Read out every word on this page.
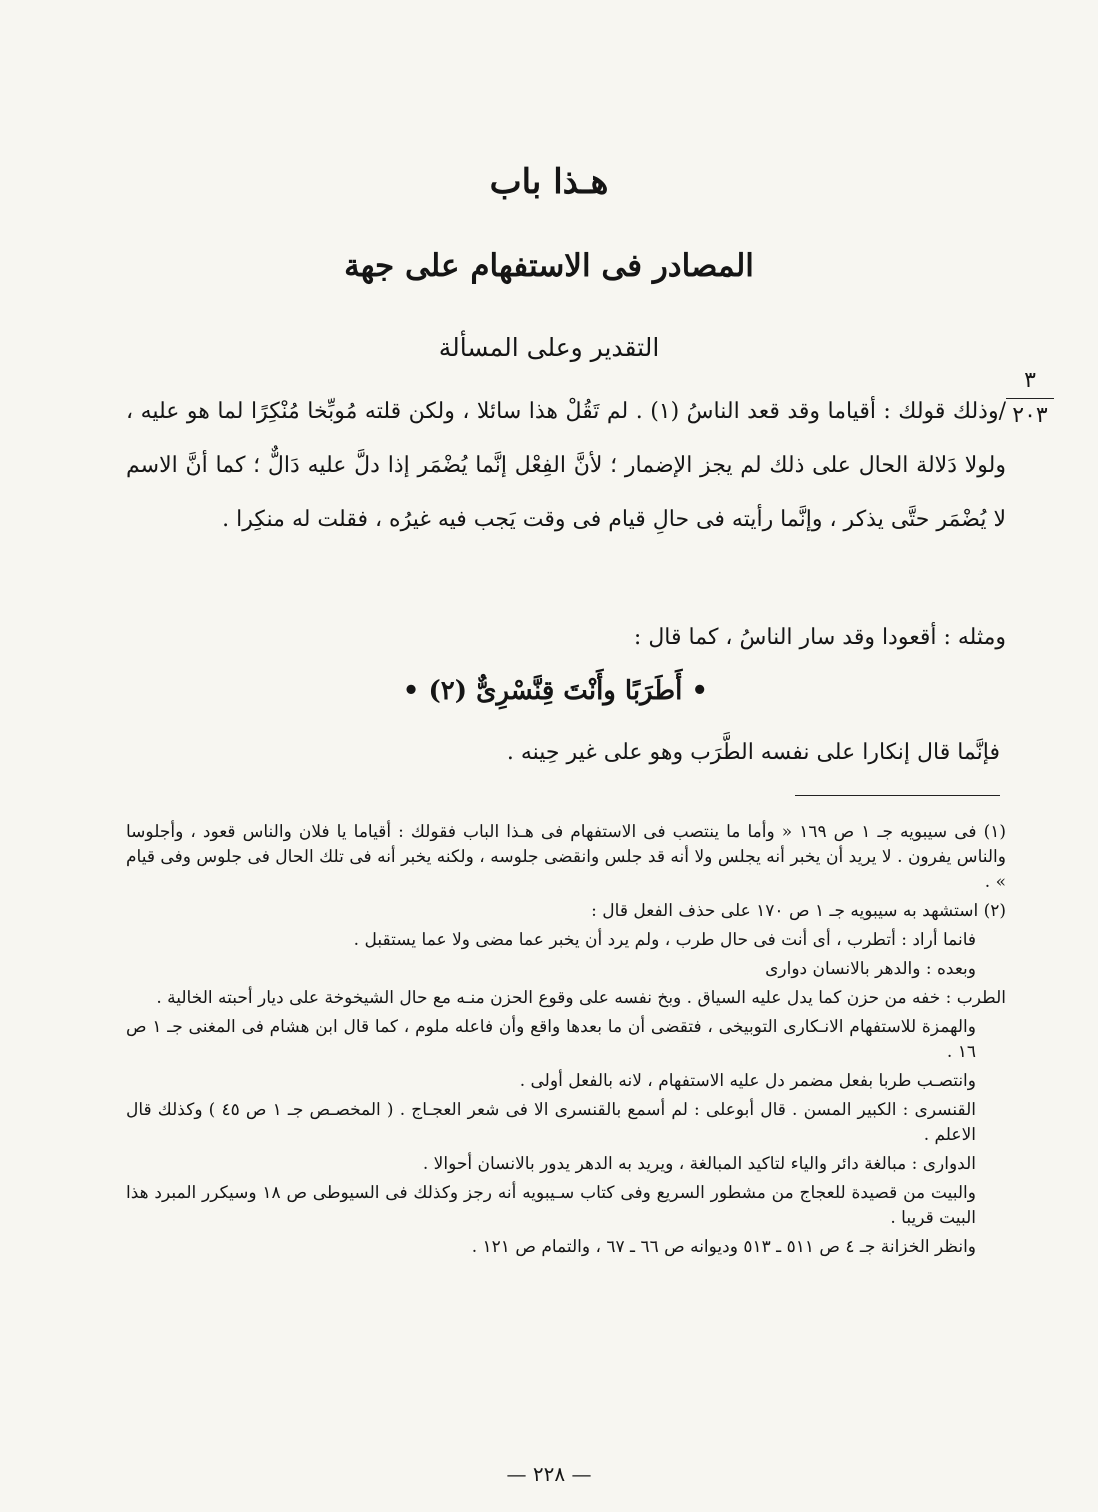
هـذا باب
المصادر فى الاستفهام على جهة
التقدير وعلى المسألة
٣
٢٠٣

/وذلك قولك : أقياما وقد قعد الناسُ (١) . لم تَقُلْ هذا سائلا ، ولكن قلته مُوبِّخا مُنْكِرًا لما هو عليه ، ولولا دَلالة الحال على ذلك لم يجز الإضمار ؛ لأنَّ الفِعْل إنَّما يُضْمَر إذا دلَّ عليه دَالٌّ ؛ كما أنَّ الاسم لا يُضْمَر حتَّى يذكر ، وإنَّما رأيته فى حالِ قيام فى وقت يَجب فيه غيرُه ، فقلت له منكِرا .

ومثله : أقعودا وقد سار الناسُ ، كما قال :

• أَطَرَبًا وأَنْتَ قِنَّسْرِىٌّ (٢) •
فإنَّما قال إنكارا على نفسه الطَّرَب وهو على غير حِينه .

(١) فى سيبويه جـ ١ ص ١٦٩ « وأما ما ينتصب فى الاستفهام فى هـذا الباب فقولك : أقياما يا فلان والناس قعود ، وأجلوسا والناس يفرون . لا يريد أن يخبر أنه يجلس ولا أنه قد جلس وانقضى جلوسه ، ولكنه يخبر أنه فى تلك الحال فى جلوس وفى قيام » .

(٢) استشهد به سيبويه جـ ١ ص ١٧٠ على حذف الفعل قال :

فانما أراد : أتطرب ، أى أنت فى حال طرب ، ولم يرد أن يخبر عما مضى ولا عما يستقبل .

وبعده : والدهر بالانسان دوارى

الطرب : خفه من حزن كما يدل عليه السياق . وبخ نفسه على وقوع الحزن منـه مع حال الشيخوخة على ديار أحبته الخالية .

والهمزة للاستفهام الانـكارى التوبيخى ، فتقضى أن ما بعدها واقع وأن فاعله ملوم ، كما قال ابن هشام فى المغنى جـ ١ ص ١٦ .

وانتصـب طربا بفعل مضمر دل عليه الاستفهام ، لانه بالفعل أولى .

القنسرى : الكبير المسن . قال أبوعلى : لم أسمع بالقنسرى الا فى شعر العجـاج . ( المخصـص جـ ١ ص ٤٥ ) وكذلك قال الاعلم .

الدوارى : مبالغة دائر والياء لتاكيد المبالغة ، ويريد به الدهر يدور بالانسان أحوالا .

والبيت من قصيدة للعجاج من مشطور السريع وفى كتاب سـيبويه أنه رجز وكذلك فى السيوطى ص ١٨ وسيكرر المبرد هذا البيت قريبا .

وانظر الخزانة جـ ٤ ص ٥١١ ـ ٥١٣ وديوانه ص ٦٦ ـ ٦٧ ، والتمام ص ١٢١ .

— ٢٢٨ —
